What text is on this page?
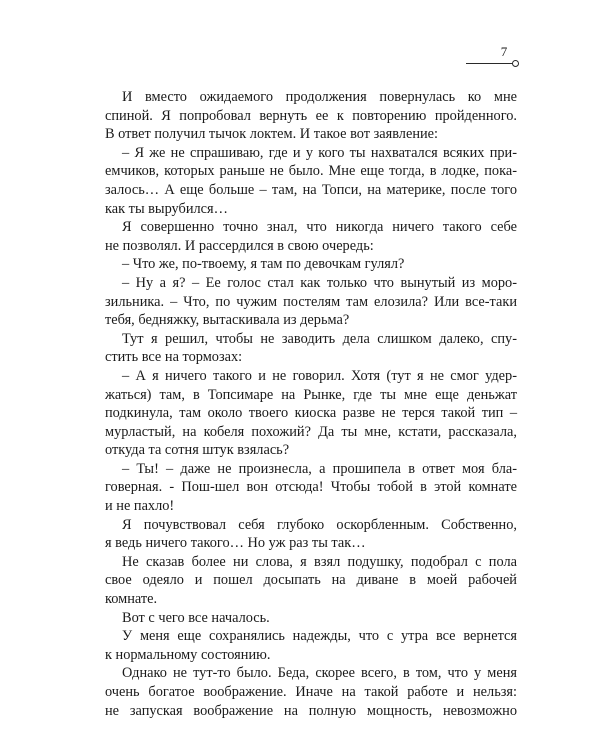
7

И вместо ожидаемого продолжения повернулась ко мне

спиной. Я попробовал вернуть ее к повторению пройденного.

В ответ получил тычок локтем. И такое вот заявление:

– Я же не спрашиваю, где и у кого ты нахватался всяких при-

емчиков, которых раньше не было. Мне еще тогда, в лодке, пока-

залось… А еще больше – там, на Топси, на материке, после того

как ты вырубился…

Я совершенно точно знал, что никогда ничего такого себе

не позволял. И рассердился в свою очередь:

– Что же, по-твоему, я там по девочкам гулял?

– Ну а я? – Ее голос стал как только что вынутый из моро-

зильника. – Что, по чужим постелям там елозила? Или все-таки

тебя, бедняжку, вытаскивала из дерьма?

Тут я решил, чтобы не заводить дела слишком далеко, спу-

стить все на тормозах:

– А я ничего такого и не говорил. Хотя (тут я не смог удер-

жаться) там, в Топсимаре на Рынке, где ты мне еще деньжат

подкинула, там около твоего киоска разве не терся такой тип –

мурластый, на кобеля похожий? Да ты мне, кстати, рассказала,

откуда та сотня штук взялась?

– Ты! – даже не произнесла, а прошипела в ответ моя бла-

говерная. - Пош-шел вон отсюда! Чтобы тобой в этой комнате

и не пахло!

Я почувствовал себя глубоко оскорбленным. Собственно,

я ведь ничего такого… Но уж раз ты так…

Не сказав более ни слова, я взял подушку, подобрал с пола

свое одеяло и пошел досыпать на диване в моей рабочей

комнате.

Вот с чего все началось.

У меня еще сохранялись надежды, что с утра все вернется

к нормальному состоянию.

Однако не тут-то было. Беда, скорее всего, в том, что у меня

очень богатое воображение. Иначе на такой работе и нельзя:

не запуская воображение на полную мощность, невозможно
